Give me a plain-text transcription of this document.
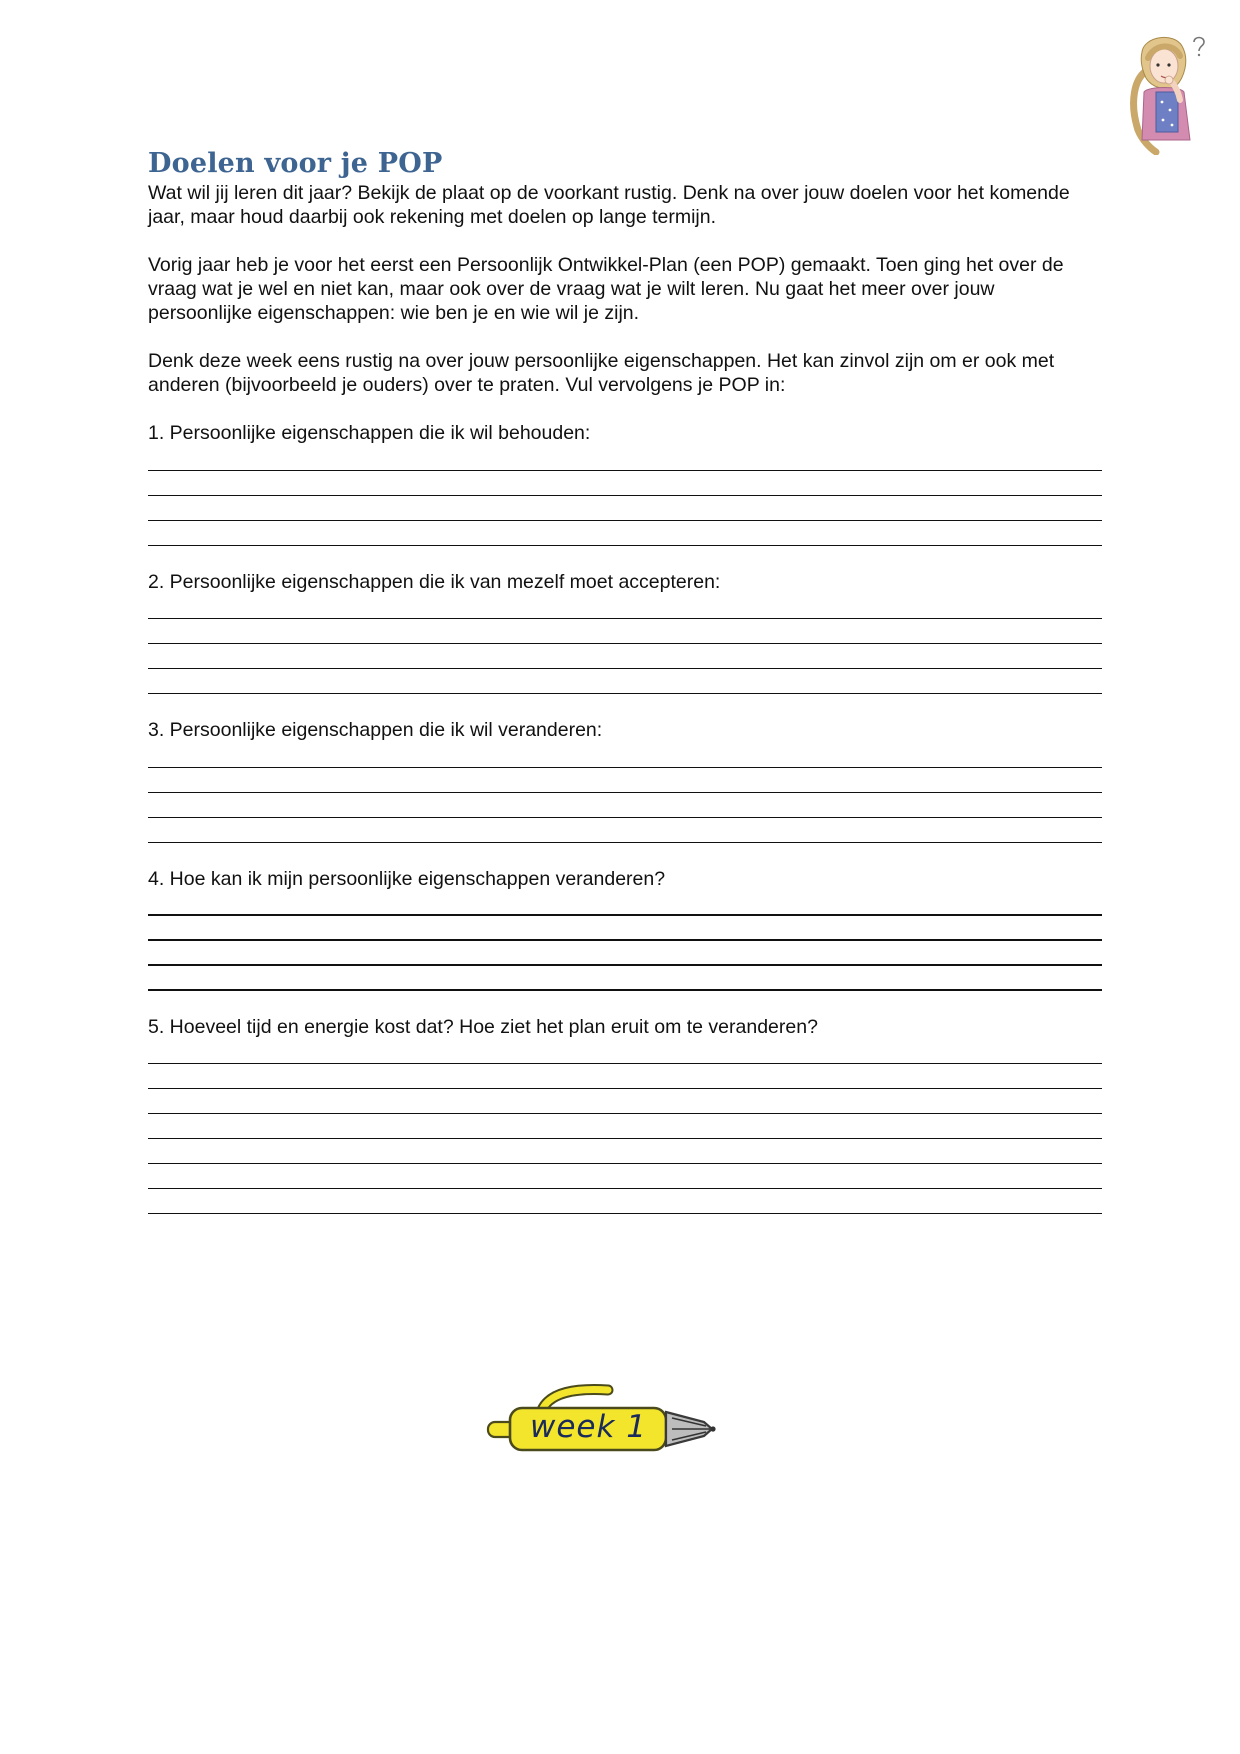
Doelen voor je POP

Wat wil jij leren dit jaar? Bekijk de plaat op de voorkant rustig. Denk na over jouw doelen voor het komende jaar, maar houd daarbij ook rekening met doelen op lange termijn.

Vorig jaar heb je voor het eerst een Persoonlijk Ontwikkel-Plan (een POP) gemaakt. Toen ging het over de vraag wat je wel en niet kan, maar ook over de vraag wat je wilt leren. Nu gaat het meer over jouw persoonlijke eigenschappen: wie ben je en wie wil je zijn.

Denk deze week eens rustig na over jouw persoonlijke eigenschappen. Het kan zinvol zijn om er ook met anderen (bijvoorbeeld je ouders) over te praten. Vul vervolgens je POP in:

1. Persoonlijke eigenschappen die ik wil behouden:

2. Persoonlijke eigenschappen die ik van mezelf moet accepteren:

3. Persoonlijke eigenschappen die ik wil veranderen:

4. Hoe kan ik mijn persoonlijke eigenschappen veranderen?

5. Hoeveel tijd en energie kost dat? Hoe ziet het plan eruit om te veranderen?

week 1
